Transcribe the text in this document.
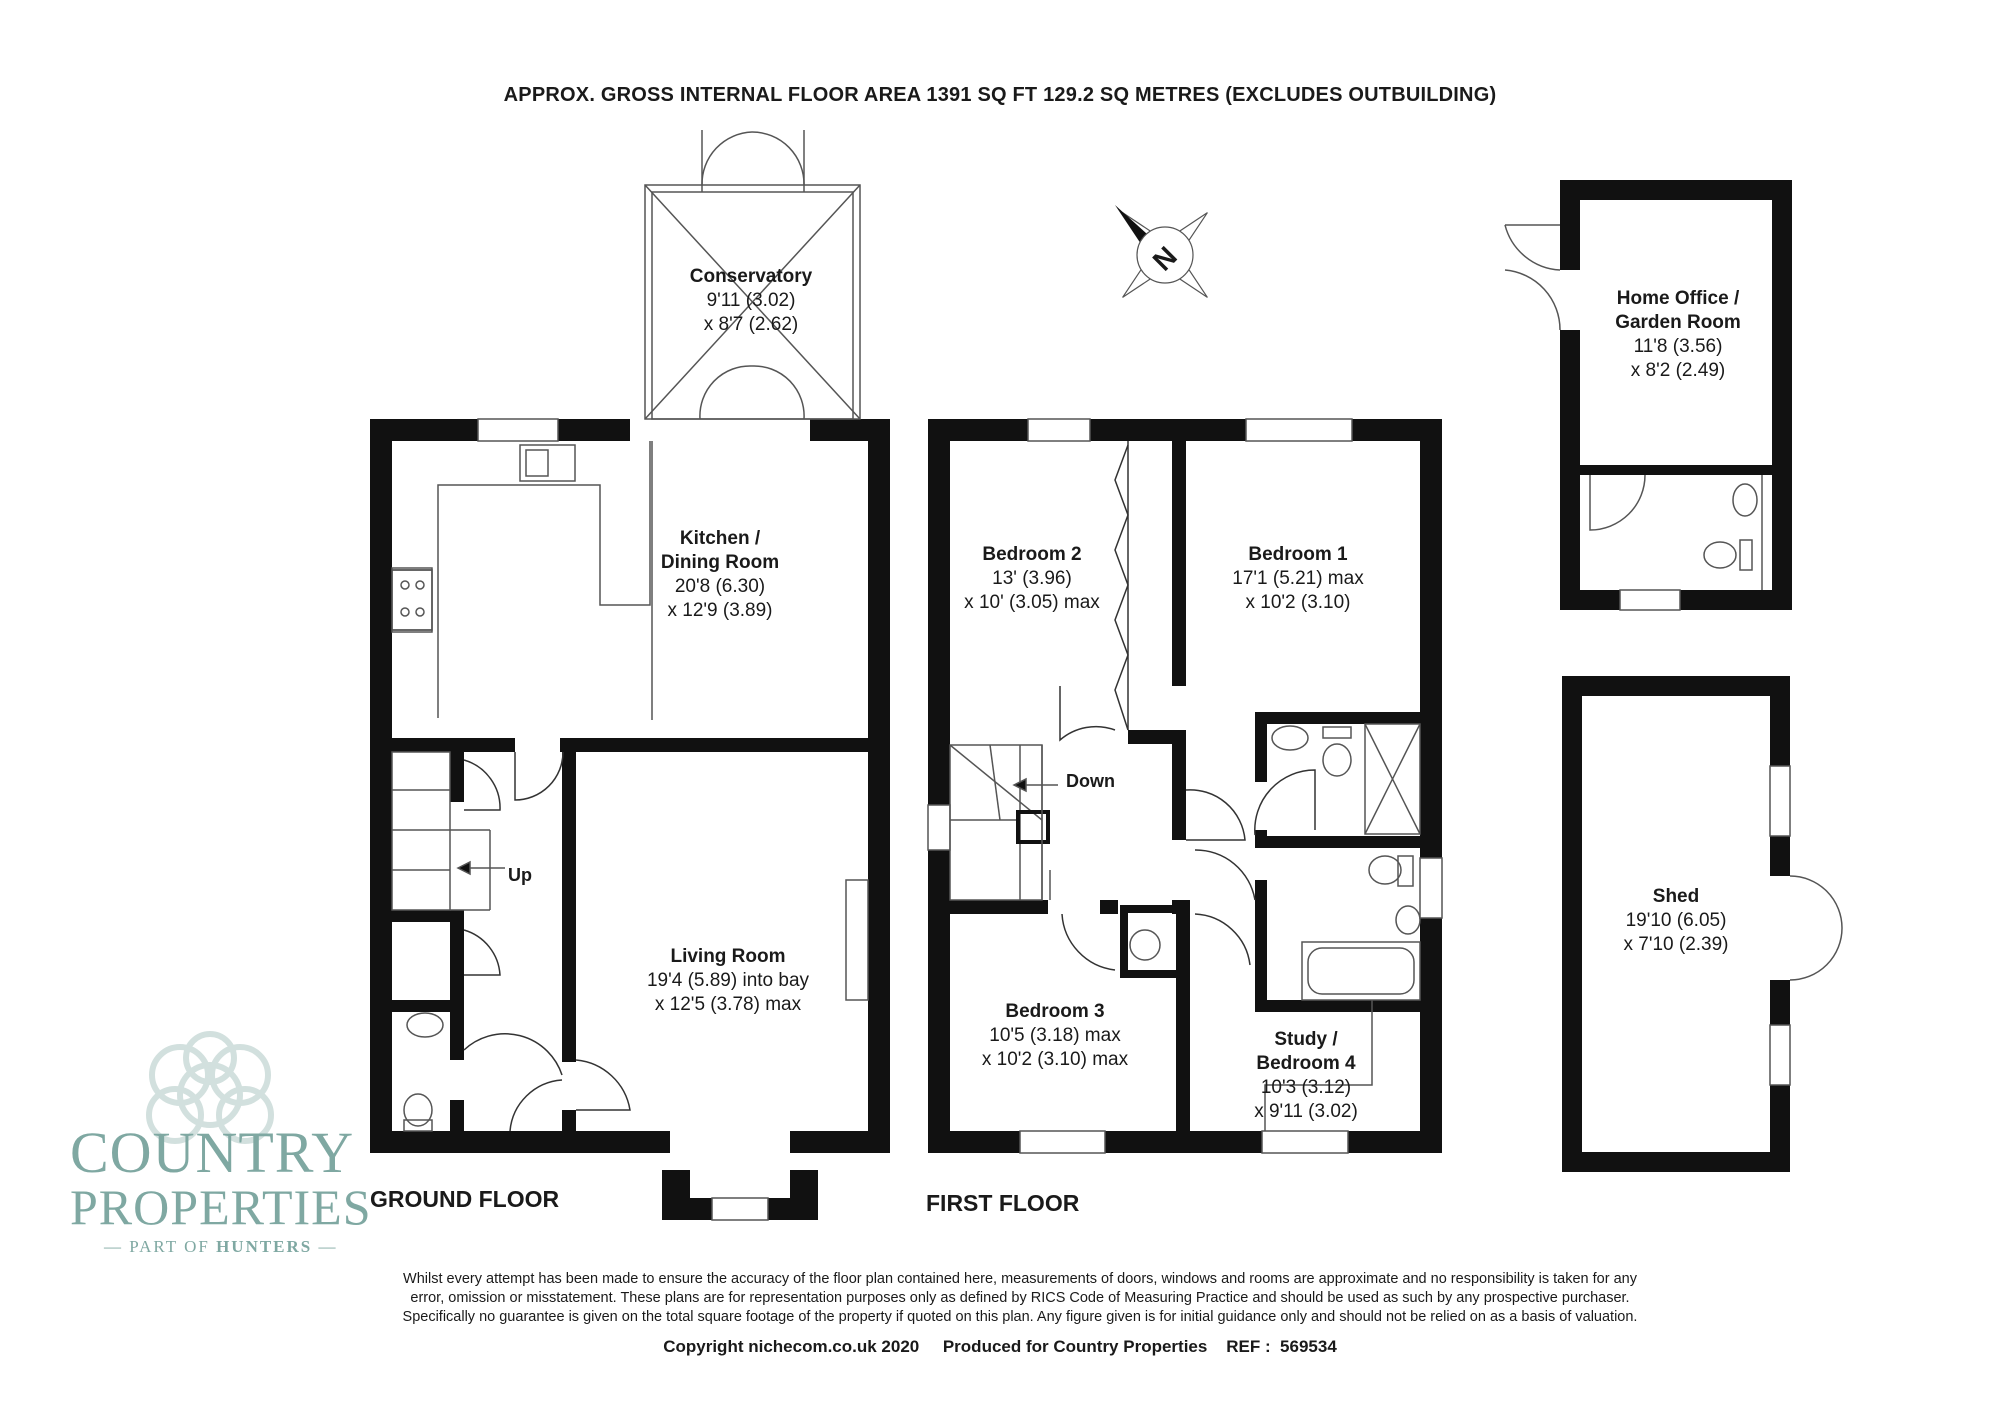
APPROX. GROSS INTERNAL FLOOR AREA 1391 SQ FT 129.2 SQ METRES (EXCLUDES OUTBUILDING)
N
Conservatory
9'11 (3.02)
x 8'7 (2.62)
Kitchen /
Dining Room
20'8 (6.30)
x 12'9 (3.89)
Living Room
19'4 (5.89) into bay
x 12'5 (3.78) max
Up
Bedroom 2
13' (3.96)
x 10' (3.05) max
Bedroom 1
17'1 (5.21) max
x 10'2 (3.10)
Down
Bedroom 3
10'5 (3.18) max
x 10'2 (3.10) max
Study /
Bedroom 4
10'3 (3.12)
x 9'11 (3.02)
Home Office /
Garden Room
11'8 (3.56)
x 8'2 (2.49)
Shed
19'10 (6.05)
x 7'10 (2.39)
GROUND FLOOR	FIRST FLOOR
COUNTRY
PROPERTIES
— PART OF HUNTERS —
Whilst every attempt has been made to ensure the accuracy of the floor plan contained here, measurements of doors, windows and rooms are approximate and no responsibility is taken for any
error, omission or misstatement. These plans are for representation purposes only as defined by RICS Code of Measuring Practice and should be used as such by any prospective purchaser.
Specifically no guarantee is given on the total square footage of the property if quoted on this plan. Any figure given is for initial guidance only and should not be relied on as a basis of valuation.
Copyright nichecom.co.uk 2020     Produced for Country Properties    REF :  569534
